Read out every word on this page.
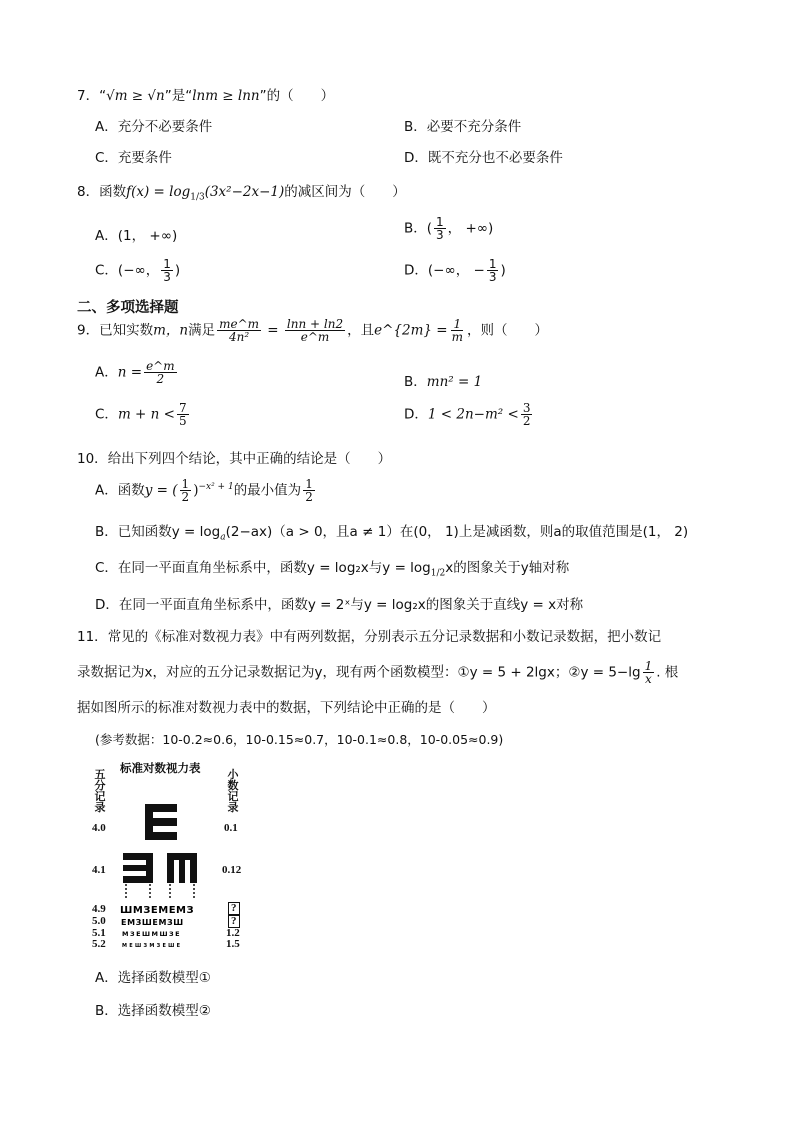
7．“√m ≥ √n”是“lnm ≥ lnn”的（　　）
A．充分不必要条件	B．必要不充分条件
C．充要条件	D．既不充分也不必要条件
8．函数$f(x) = \log_{1/3}(3x^2-2x-1)$的减区间为（　　）
A．(1， +∞)	B．( $\frac{1}{3}$ ， +∞)
C．(−∞， $\frac{1}{3}$ )	D．(−∞， − $\frac{1}{3}$ )
二、多项选择题
9．已知实数m，n满足 $\frac{me\^{}m}{\text{4n²}} = \frac{\ln n + \ln 2}{e\^{}m}$ ，且e^{2m} = $\frac{1}{m}$ ，则（　　）
A．$n = \frac{e\^{}m}{2}$	B．mn² = 1
C．$m + n < \frac{7}{5}$	D．$1 < 2n-m^2 < \frac{3}{2}$
10．给出下列四个结论，其中正确的结论是（　　）
A．函数y = ( $\frac{1}{2} )^{-x^2 + 1}$的最小值为 $\frac{1}{2}$
B．已知函数$y = \log_a(2-ax)(a > 0$，且a ≠ 1）在(0， 1)上是减函数，则a的取值范围是(1， 2)
C．在同一平面直角坐标系中，函数y = log₂x与$y = \log_{1/2}x$的图象关于y轴对称
D．在同一平面直角坐标系中，函数y = 2ˣ与y = log₂x的图象关于直线y = x对称
11．常见的《标准对数视力表》中有两列数据，分别表示五分记录数据和小数记录数据，把小数记
录数据记为x，对应的五分记录数据记为y，现有两个函数模型：①y = 5 + 2lgx；②y = $5-\lg \frac{1}{x}$ . 根
据如图所示的标准对数视力表中的数据，下列结论中正确的是（　　）
(参考数据：10-0.2≈0.6，10-0.15≈0.7，10-0.1≈0.8，10-0.05≈0.9)
标准对数视力表
五
分
记
录
小
数
记
录
4.0	0.1
4.1	0.12
4.9	?
5.0	?
5.1	1.2
5.2	1.5
ШMЗEMEMЗ
EMЗШEMЗШ
MЗEШMШЗE
MEШЗMЗEШE
A．选择函数模型①
B．选择函数模型②
